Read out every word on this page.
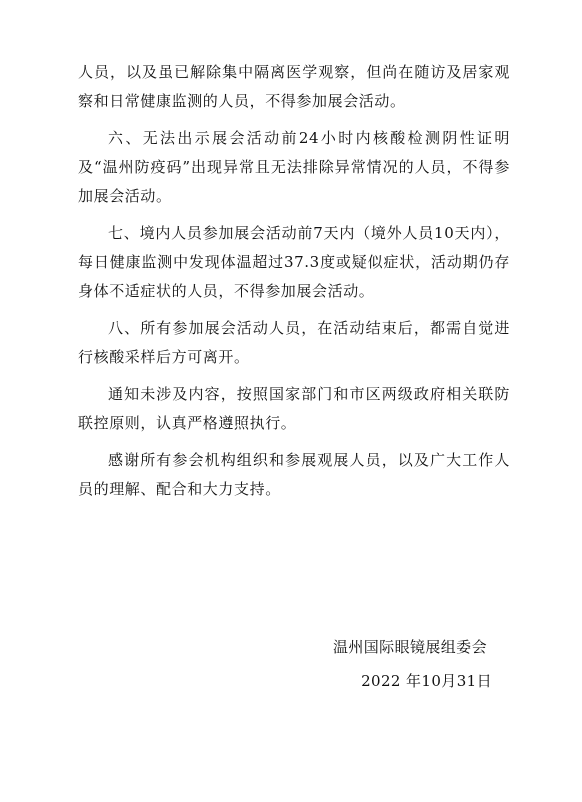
人员，以及虽已解除集中隔离医学观察，但尚在随访及居家观察和日常健康监测的人员，不得参加展会活动。

六、无法出示展会活动前24小时内核酸检测阴性证明及“温州防疫码”出现异常且无法排除异常情况的人员，不得参加展会活动。

七、境内人员参加展会活动前7天内（境外人员10天内），每日健康监测中发现体温超过37.3度或疑似症状，活动期仍存身体不适症状的人员，不得参加展会活动。

八、所有参加展会活动人员，在活动结束后，都需自觉进行核酸采样后方可离开。

通知未涉及内容，按照国家部门和市区两级政府相关联防联控原则，认真严格遵照执行。

感谢所有参会机构组织和参展观展人员，以及广大工作人员的理解、配合和大力支持。

温州国际眼镜展组委会
2022 年10月31日
